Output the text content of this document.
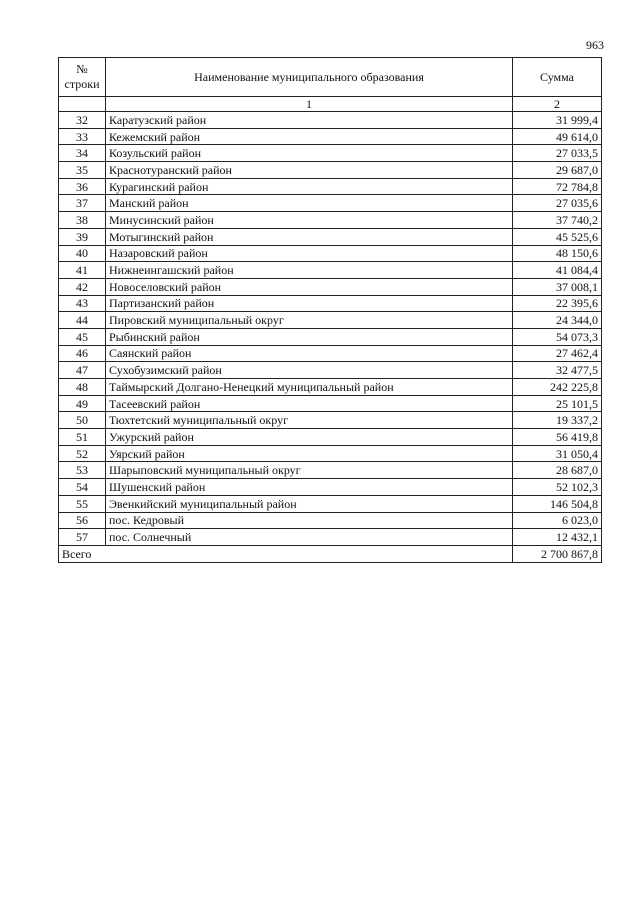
963
№
строки	Наименование муниципального образования	Сумма
	1	2
32	Каратузский район	31 999,4
33	Кежемский район	49 614,0
34	Козульский район	27 033,5
35	Краснотуранский район	29 687,0
36	Курагинский район	72 784,8
37	Манский район	27 035,6
38	Минусинский район	37 740,2
39	Мотыгинский район	45 525,6
40	Назаровский район	48 150,6
41	Нижнеингашский район	41 084,4
42	Новоселовский район	37 008,1
43	Партизанский район	22 395,6
44	Пировский муниципальный округ	24 344,0
45	Рыбинский район	54 073,3
46	Саянский район	27 462,4
47	Сухобузимский район	32 477,5
48	Таймырский Долгано-Ненецкий муниципальный район	242 225,8
49	Тасеевский район	25 101,5
50	Тюхтетский муниципальный округ	19 337,2
51	Ужурский район	56 419,8
52	Уярский район	31 050,4
53	Шарыповский муниципальный округ	28 687,0
54	Шушенский район	52 102,3
55	Эвенкийский муниципальный район	146 504,8
56	пос. Кедровый	6 023,0
57	пос. Солнечный	12 432,1
Всего		2 700 867,8
